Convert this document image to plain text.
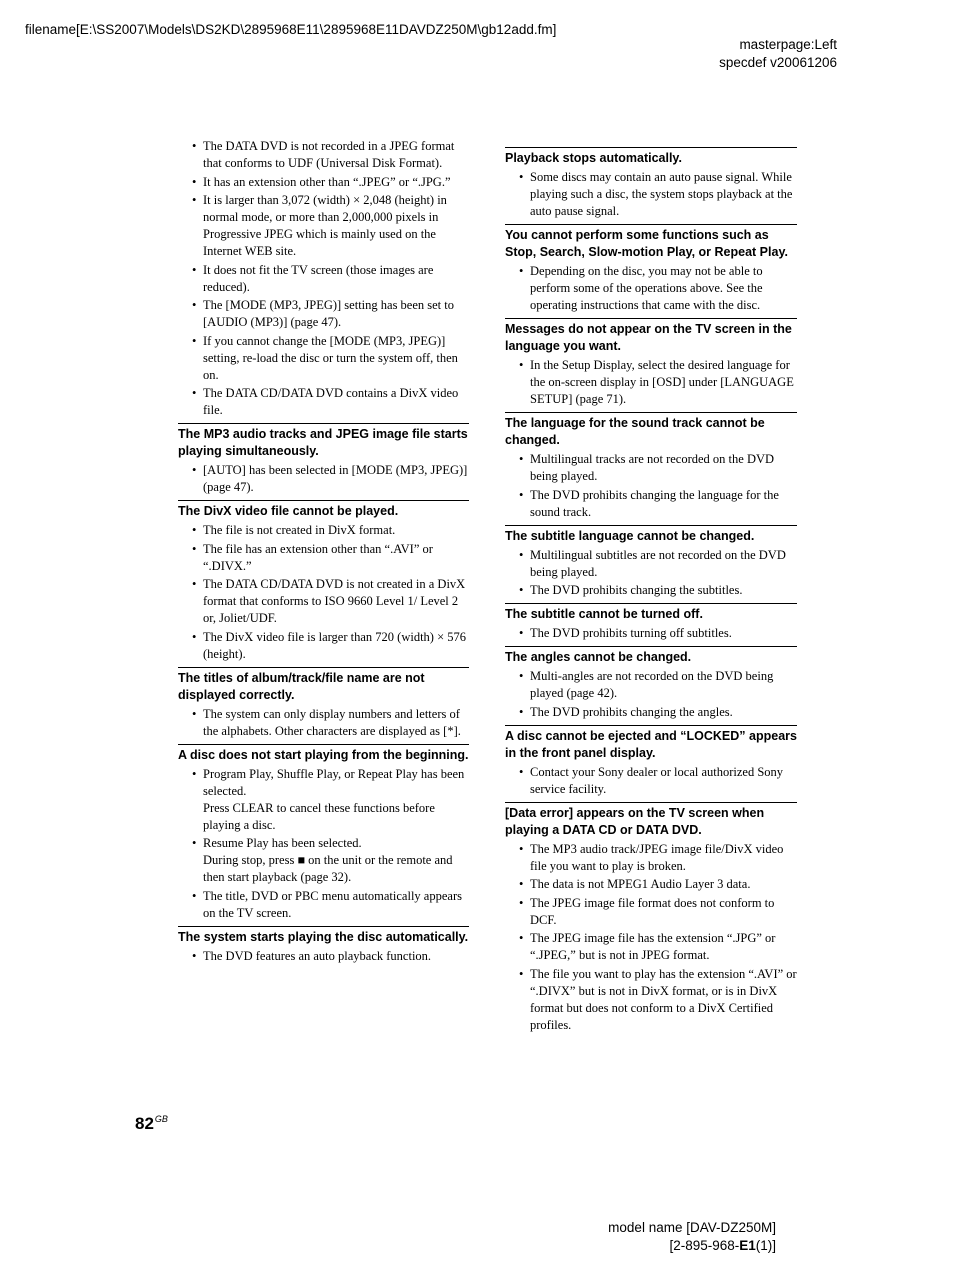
filename[E:\SS2007\Models\DS2KD\2895968E11\2895968E11DAVDZ250M\gb12add.fm]
masterpage:Left
specdef v20061206
• The DATA DVD is not recorded in a JPEG format that conforms to UDF (Universal Disk Format).
• It has an extension other than “.JPEG” or “.JPG.”
• It is larger than 3,072 (width) × 2,048 (height) in normal mode, or more than 2,000,000 pixels in Progressive JPEG which is mainly used on the Internet WEB site.
• It does not fit the TV screen (those images are reduced).
• The [MODE (MP3, JPEG)] setting has been set to [AUDIO (MP3)] (page 47).
• If you cannot change the [MODE (MP3, JPEG)] setting, re-load the disc or turn the system off, then on.
• The DATA CD/DATA DVD contains a DivX video file.
The MP3 audio tracks and JPEG image file starts playing simultaneously.
• [AUTO] has been selected in [MODE (MP3, JPEG)] (page 47).
The DivX video file cannot be played.
• The file is not created in DivX format.
• The file has an extension other than “.AVI” or “.DIVX.”
• The DATA CD/DATA DVD is not created in a DivX format that conforms to ISO 9660 Level 1/ Level 2 or, Joliet/UDF.
• The DivX video file is larger than 720 (width) × 576 (height).
The titles of album/track/file name are not displayed correctly.
• The system can only display numbers and letters of the alphabets. Other characters are displayed as [*].
A disc does not start playing from the beginning.
• Program Play, Shuffle Play, or Repeat Play has been selected.
Press CLEAR to cancel these functions before playing a disc.
• Resume Play has been selected.
During stop, press ■ on the unit or the remote and then start playback (page 32).
• The title, DVD or PBC menu automatically appears on the TV screen.
The system starts playing the disc automatically.
• The DVD features an auto playback function.
Playback stops automatically.
• Some discs may contain an auto pause signal. While playing such a disc, the system stops playback at the auto pause signal.
You cannot perform some functions such as Stop, Search, Slow-motion Play, or Repeat Play.
• Depending on the disc, you may not be able to perform some of the operations above. See the operating instructions that came with the disc.
Messages do not appear on the TV screen in the language you want.
• In the Setup Display, select the desired language for the on-screen display in [OSD] under [LANGUAGE SETUP] (page 71).
The language for the sound track cannot be changed.
• Multilingual tracks are not recorded on the DVD being played.
• The DVD prohibits changing the language for the sound track.
The subtitle language cannot be changed.
• Multilingual subtitles are not recorded on the DVD being played.
• The DVD prohibits changing the subtitles.
The subtitle cannot be turned off.
• The DVD prohibits turning off subtitles.
The angles cannot be changed.
• Multi-angles are not recorded on the DVD being played (page 42).
• The DVD prohibits changing the angles.
A disc cannot be ejected and “LOCKED” appears in the front panel display.
• Contact your Sony dealer or local authorized Sony service facility.
[Data error] appears on the TV screen when playing a DATA CD or DATA DVD.
• The MP3 audio track/JPEG image file/DivX video file you want to play is broken.
• The data is not MPEG1 Audio Layer 3 data.
• The JPEG image file format does not conform to DCF.
• The JPEG image file has the extension “.JPG” or “.JPEG,” but is not in JPEG format.
• The file you want to play has the extension “.AVI” or “.DIVX” but is not in DivX format, or is in DivX format but does not conform to a DivX Certified profiles.
$82^{GB}$
model name [DAV-DZ250M]
[2-895-968-E1(1)]
